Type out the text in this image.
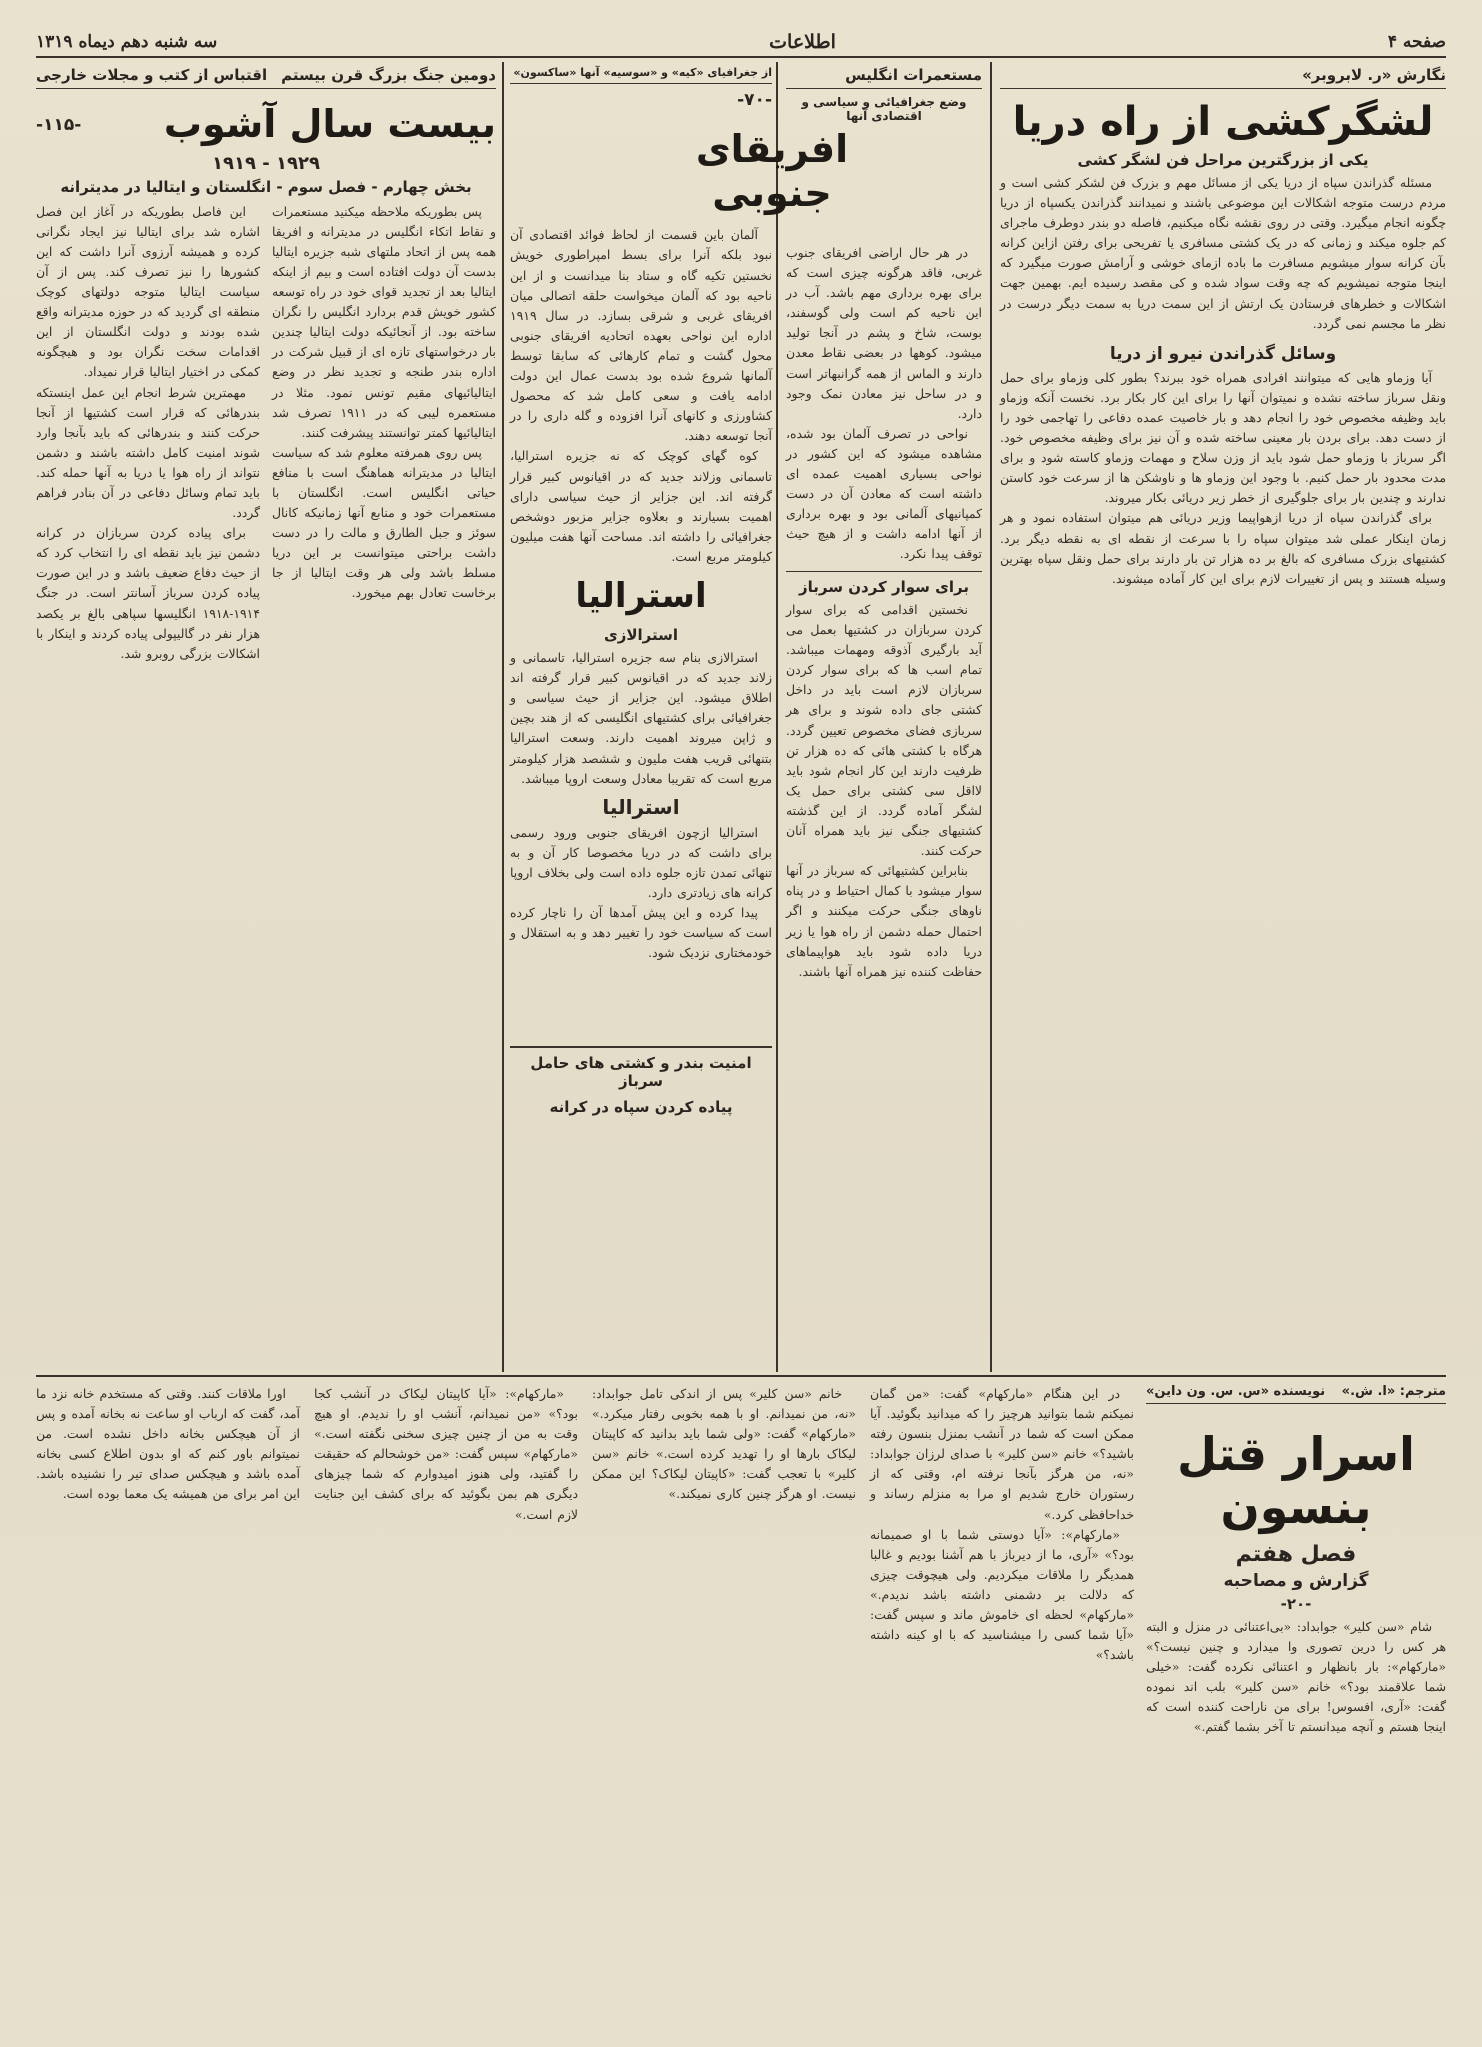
صفحه ۴
اطلاعات
سه شنبه دهم دیماه ۱۳۱۹
نگارش «ر. لابروبر»
لشگرکشی از راه دریا
یکی از بزرگترین مراحل فن لشگر کشی

مسئله گذراندن سپاه از دریا یکی از مسائل مهم و بزرک فن لشکر کشی است و مردم درست متوجه اشکالات این موضوعی باشند و نمیدانند گذراندن یکسپاه از دریا چگونه انجام میگیرد. وقتی در روی نقشه نگاه میکنیم، فاصله دو بندر دوطرف ماجرای کم جلوه میکند و زمانی که در یک کشتی مسافری یا تفریحی برای رفتن ازاین کرانه بآن کرانه سوار میشویم مسافرت ما باده ازمای خوشی و آرامش صورت میگیرد که اینجا متوجه نمیشویم که چه وقت سواد شده و کی مقصد رسیده ایم. بهمین جهت اشکالات و خطرهای فرستادن یک ارتش از این سمت دریا به سمت دیگر درست در نظر ما مجسم نمی گردد.

وسائل گذراندن نیرو از دریا

آیا وزماو هایی که میتوانند افرادی همراه خود ببرند؟ بطور کلی وزماو برای حمل ونقل سرباز ساخته نشده و نمیتوان آنها را برای این کار بکار برد. نخست آنکه وزماو باید وظیفه مخصوص خود را انجام دهد و بار خاصیت عمده دفاعی را تهاجمی خود را از دست دهد. برای بردن بار معینی ساخته شده و آن نیز برای وظیفه مخصوص خود. اگر سرباز با وزماو حمل شود باید از وزن سلاح و مهمات وزماو کاسته شود و برای مدت محدود بار حمل کنیم. با وجود این وزماو ها و ناوشکن ها از سرعت خود کاستن ندارند و چندین بار برای جلوگیری از خطر زیر دریائی بکار میروند.

برای گذراندن سپاه از دریا ازهواپیما وزیر دریائی هم میتوان استفاده نمود و هر زمان اینکار عملی شد میتوان سپاه را با سرعت از نقطه ای به نقطه دیگر برد. کشتیهای بزرک مسافری که بالغ بر ده هزار تن بار دارند برای حمل ونقل سپاه بهترین وسیله هستند و پس از تغییرات لازم برای این کار آماده میشوند.

مستعمرات انگلیس
وضع جغرافیائی و سیاسی و اقتصادی آنها

در هر حال اراضی افریقای جنوب غربی، فاقد هرگونه چیزی است که برای بهره برداری مهم باشد. آب در این ناحیه کم است ولی گوسفند، بوست، شاخ و پشم در آنجا تولید میشود. کوهها در بعضی نقاط معدن دارند و الماس از همه گرانبهاتر است و در ساحل نیز معادن نمک وجود دارد.

نواحی در تصرف آلمان بود شده، مشاهده میشود که این کشور در نواحی بسیاری اهمیت عمده ای داشته است که معادن آن در دست کمپانیهای آلمانی بود و بهره برداری از آنها ادامه داشت و از هیچ حیث توقف پیدا نکرد.

برای سوار کردن سرباز

نخستین اقدامی که برای سوار کردن سربازان در کشتیها بعمل می آید بارگیری آذوقه ومهمات میباشد. تمام اسب ها که برای سوار کردن سربازان لازم است باید در داخل کشتی جای داده شوند و برای هر سربازی فضای مخصوص تعیین گردد. هرگاه با کشتی هائی که ده هزار تن ظرفیت دارند این کار انجام شود باید لااقل سی کشتی برای حمل یک لشگر آماده گردد. از این گذشته کشتیهای جنگی نیز باید همراه آنان حرکت کنند.

بنابراین کشتیهائی که سرباز در آنها سوار میشود با کمال احتیاط و در پناه ناوهای جنگی حرکت میکنند و اگر احتمال حمله دشمن از راه هوا یا زیر دریا داده شود باید هواپیماهای حفاظت کننده نیز همراه آنها باشند.

از جغرافیای «کیه» و «سوسیه» آنها «ساکسون»
-۷۰-
افریقای جنوبی

آلمان باین قسمت از لحاظ فوائد اقتصادی آن نبود بلکه آنرا برای بسط امپراطوری خویش نخستین تکیه گاه و ستاد بنا میدانست و از این ناحیه بود که آلمان میخواست حلقه اتصالی میان افریقای غربی و شرقی بسازد. در سال ۱۹۱۹ اداره این نواحی بعهده اتحادیه افریقای جنوبی محول گشت و تمام کارهائی که سابقا توسط آلمانها شروع شده بود بدست عمال این دولت ادامه یافت و سعی کامل شد که محصول کشاورزی و کانهای آنرا افزوده و گله داری را در آنجا توسعه دهند.

کوه گهای کوچک که نه جزیره استرالیا، تاسمانی وزلاند جدید که در اقیانوس کبیر قرار گرفته اند. این جزایر از حیث سیاسی دارای اهمیت بسیارند و بعلاوه جزایر مزبور دوشخص جغرافیائی را داشته اند. مساحت آنها هفت میلیون کیلومتر مربع است.

استرالیا
استرالازی

استرالازی بنام سه جزیره استرالیا، تاسمانی و زلاند جدید که در اقیانوس کبیر قرار گرفته اند اطلاق میشود. این جزایر از حیث سیاسی و جغرافیائی برای کشتیهای انگلیسی که از هند بچین و ژاپن میروند اهمیت دارند. وسعت استرالیا بتنهائی قریب هفت ملیون و ششصد هزار کیلومتر مربع است که تقریبا معادل وسعت اروپا میباشد.

استرالیا

استرالیا ازچون افریقای جنوبی ورود رسمی برای داشت که در دریا مخصوصا کار آن و به تنهائی تمدن تازه جلوه داده است ولی بخلاف اروپا کرانه های زیادتری دارد.

پیدا کرده و این پیش آمدها آن را ناچار کرده است که سیاست خود را تغییر دهد و به استقلال و خودمختاری نزدیک شود.

دومین جنگ بزرگ قرن بیستم
اقتباس از کتب و مجلات خارجی
بیست سال آشوب
-۱۱۵-
۱۹۲۹ - ۱۹۱۹
بخش چهارم - فصل سوم - انگلستان و ایتالیا در مدیترانه

پس بطوریکه ملاحظه میکنید مستعمرات و نقاط اتکاء انگلیس در مدیترانه و افریقا همه پس از اتحاد ملتهای شبه جزیره ایتالیا بدست آن دولت افتاده است و بیم از اینکه ایتالیا بعد از تجدید قوای خود در راه توسعه کشور خویش قدم بردارد انگلیس را نگران ساخته بود. از آنجائیکه دولت ایتالیا چندین بار درخواستهای تازه ای از قبیل شرکت در اداره بندر طنجه و تجدید نظر در وضع ایتالیائیهای مقیم تونس نمود. مثلا در مستعمره لیبی که در ۱۹۱۱ تصرف شد ایتالیائیها کمتر توانستند پیشرفت کنند.

پس روی همرفته معلوم شد که سیاست ایتالیا در مدیترانه هماهنگ است با منافع حیاتی انگلیس است. انگلستان با مستعمرات خود و منابع آنها زمانیکه کانال سوئز و جبل الطارق و مالت را در دست داشت براحتی میتوانست بر این دریا مسلط باشد ولی هر وقت ایتالیا از جا برخاست تعادل بهم میخورد.

این فاصل بطوریکه در آغاز این فصل اشاره شد برای ایتالیا نیز ایجاد نگرانی کرده و همیشه آرزوی آنرا داشت که این کشورها را نیز تصرف کند. پس از آن سیاست ایتالیا متوجه دولتهای کوچک منطقه ای گردید که در حوزه مدیترانه واقع شده بودند و دولت انگلستان از این اقدامات سخت نگران بود و هیچگونه کمکی در اختیار ایتالیا قرار نمیداد.

مهمترین شرط انجام این عمل اینستکه بندرهائی که قرار است کشتیها از آنجا حرکت کنند و بندرهائی که باید بآنجا وارد شوند امنیت کامل داشته باشند و دشمن نتواند از راه هوا یا دریا به آنها حمله کند. باید تمام وسائل دفاعی در آن بنادر فراهم گردد.

برای پیاده کردن سربازان در کرانه دشمن نیز باید نقطه ای را انتخاب کرد که از حیث دفاع ضعیف باشد و در این صورت پیاده کردن سرباز آسانتر است. در جنگ ۱۹۱۴-۱۹۱۸ انگلیسها سپاهی بالغ بر یکصد هزار نفر در گالیپولی پیاده کردند و اینکار با اشکالات بزرگی روبرو شد.

امنیت بندر و کشتی های حامل سرباز
پیاده کردن سپاه در کرانه
مترجم: «ا. ش.»
نویسنده «س. س. ون داین»
اسرار قتل بنسون
فصل هفتم
گزارش و مصاحبه
-۲۰-

شام «سن کلیر» جوابداد: «بی‌اعتنائی در منزل و البته هر کس را درین تصوری وا میدارد و چنین نیست؟» «مارکهام»: بار بانظهار و اعتنائی نکرده گفت: «خیلی شما علاقمند بود؟» خانم «سن کلیر» بلب اند نموده گفت: «آری، افسوس! برای من ناراحت کننده است که اینجا هستم و آنچه میدانستم تا آخر بشما گفتم.»

در این هنگام «مارکهام» گفت: «من گمان نمیکنم شما بتوانید هرچیز را که میدانید بگوئید. آیا ممکن است که شما در آنشب بمنزل بنسون رفته باشید؟» خانم «سن کلیر» با صدای لرزان جوابداد: «نه، من هرگز بآنجا نرفته ام، وقتی که از رستوران خارج شدیم او مرا به منزلم رساند و خداحافظی کرد.»

«مارکهام»: «آیا دوستی شما با او صمیمانه بود؟» «آری، ما از دیرباز با هم آشنا بودیم و غالبا همدیگر را ملاقات میکردیم. ولی هیچوقت چیزی که دلالت بر دشمنی داشته باشد ندیدم.» «مارکهام» لحظه ای خاموش ماند و سپس گفت: «آیا شما کسی را میشناسید که با او کینه داشته باشد؟»

خانم «سن کلیر» پس از اندکی تامل جوابداد: «نه، من نمیدانم. او با همه بخوبی رفتار میکرد.» «مارکهام» گفت: «ولی شما باید بدانید که کاپیتان لیکاک بارها او را تهدید کرده است.» خانم «سن کلیر» با تعجب گفت: «کاپیتان لیکاک؟ این ممکن نیست. او هرگز چنین کاری نمیکند.»

«مارکهام»: «آیا کاپیتان لیکاک در آنشب کجا بود؟» «من نمیدانم، آنشب او را ندیدم. او هیچ وقت به من از چنین چیزی سخنی نگفته است.» «مارکهام» سپس گفت: «من خوشحالم که حقیقت را گفتید، ولی هنوز امیدوارم که شما چیزهای دیگری هم بمن بگوئید که برای کشف این جنایت لازم است.»

اورا ملاقات کنند. وقتی که مستخدم خانه نزد ما آمد، گفت که ارباب او ساعت نه بخانه آمده و پس از آن هیچکس بخانه داخل نشده است. من نمیتوانم باور کنم که او بدون اطلاع کسی بخانه آمده باشد و هیچکس صدای تیر را نشنیده باشد. این امر برای من همیشه یک معما بوده است.
